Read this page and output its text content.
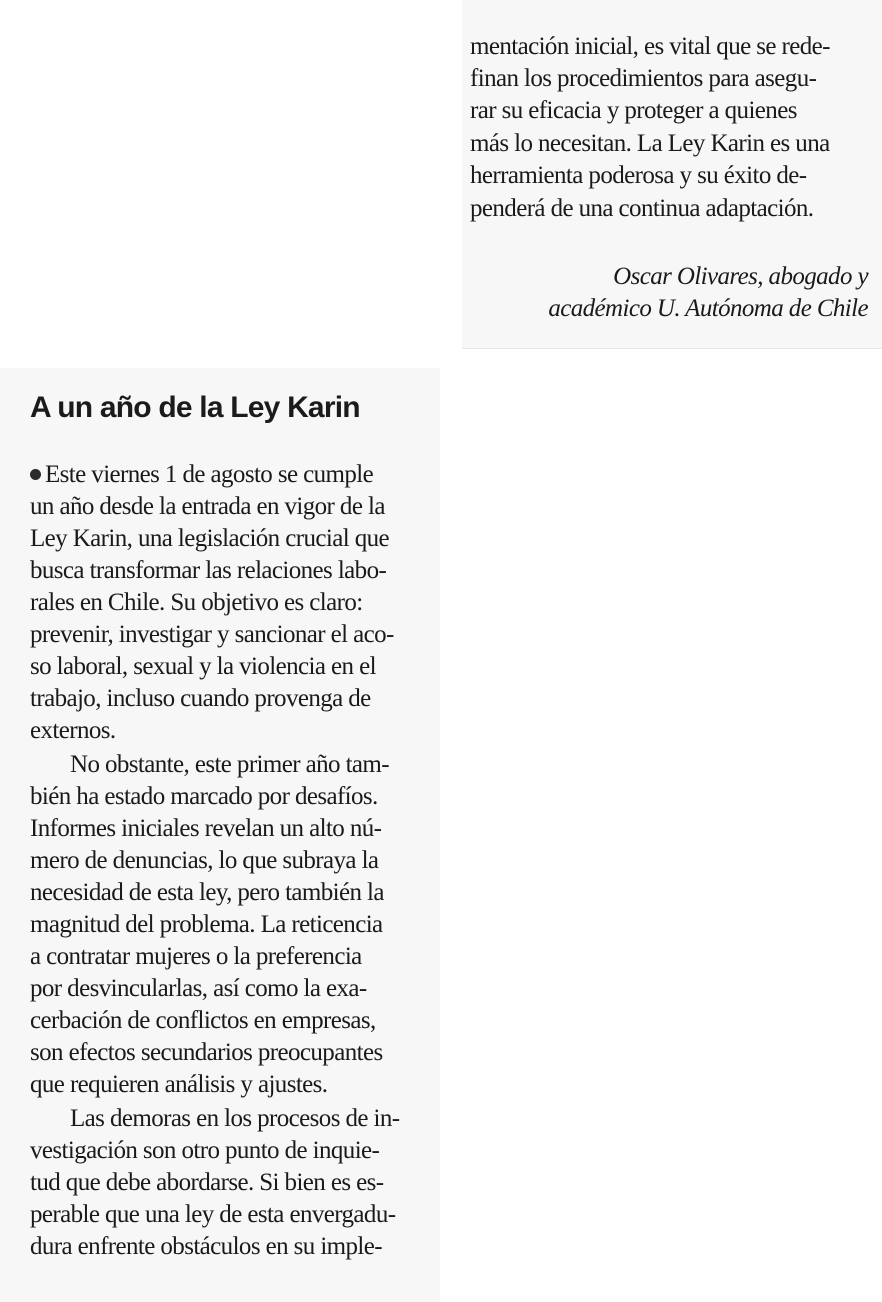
mentación inicial, es vital que se rede-
finan los procedimientos para asegu-
rar su eficacia y proteger a quienes
más lo necesitan. La Ley Karin es una
herramienta poderosa y su éxito de-
penderá de una continua adaptación.
Oscar Olivares, abogado y
académico U. Autónoma de Chile
A un año de la Ley Karin
Este viernes 1 de agosto se cumple
un año desde la entrada en vigor de la
Ley Karin, una legislación crucial que
busca transformar las relaciones labo-
rales en Chile. Su objetivo es claro:
prevenir, investigar y sancionar el aco-
so laboral, sexual y la violencia en el
trabajo, incluso cuando provenga de
externos.
No obstante, este primer año tam-
bién ha estado marcado por desafíos.
Informes iniciales revelan un alto nú-
mero de denuncias, lo que subraya la
necesidad de esta ley, pero también la
magnitud del problema. La reticencia
a contratar mujeres o la preferencia
por desvincularlas, así como la exa-
cerbación de conflictos en empresas,
son efectos secundarios preocupantes
que requieren análisis y ajustes.
Las demoras en los procesos de in-
vestigación son otro punto de inquie-
tud que debe abordarse. Si bien es es-
perable que una ley de esta envergadu-
dura enfrente obstáculos en su imple-
